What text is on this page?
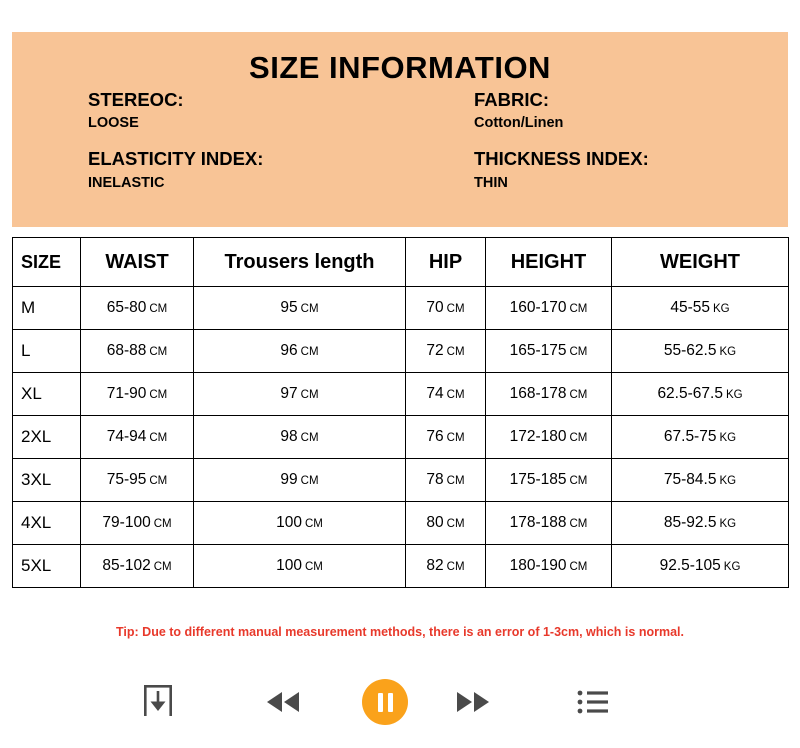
SIZE INFORMATION
STEREOC:
LOOSE
ELASTICITY INDEX:
INELASTIC
FABRIC:
Cotton/Linen
THICKNESS INDEX:
THIN
SIZE	WAIST	Trousers length	HIP	HEIGHT	WEIGHT
M	65-80 CM	95 CM	70 CM	160-170 CM	45-55 KG
L	68-88 CM	96 CM	72 CM	165-175 CM	55-62.5 KG
XL	71-90 CM	97 CM	74 CM	168-178 CM	62.5-67.5 KG
2XL	74-94 CM	98 CM	76 CM	172-180 CM	67.5-75 KG
3XL	75-95 CM	99 CM	78 CM	175-185 CM	75-84.5 KG
4XL	79-100 CM	100 CM	80 CM	178-188 CM	85-92.5 KG
5XL	85-102 CM	100 CM	82 CM	180-190 CM	92.5-105 KG
Tip: Due to different manual measurement methods, there is an error of 1-3cm, which is normal.
